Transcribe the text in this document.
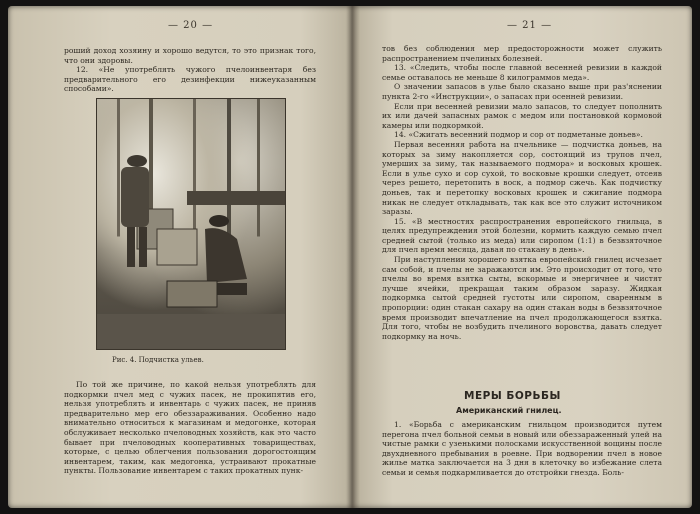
— 20 —

роший доход хозяину и хорошо ведутся, то это признак того, что они здоровы.

12. «Не употреблять чужого пчелоинвентаря без предварительного его дезинфекции нижеуказанным способами».

Рис. 4. Подчистка ульев.

По той же причине, по какой нельзя употреблять для подкормки пчел мед с чужих пасек, не прокипятив его, нельзя употреблять и инвентарь с чужих пасек, не приняв предварительно мер его обеззараживания. Особенно надо внимательно относиться к магазинам и медогонке, которая обслуживает несколько пчеловодных хозяйств, как это часто бывает при пчеловодных кооперативных товариществах, которые, с целью облегчения пользования дорогостоящим инвентарем, таким, как медогонка, устраивают прокатные пункты. Пользование инвентарем с таких прокатных пунк-

— 21 —

тов без соблюдения мер предосторожности может служить распространением пчелиных болезней.

13. «Следить, чтобы после главной весенней ревизии в каждой семье оставалось не меньше 8 килограммов меда».

О значении запасов в улье было сказано выше при раз'яснении пункта 2-го «Инструкции», о запасах при осенней ревизии.

Если при весенней ревизии мало запасов, то следует пополнить их или дачей запасных рамок с медом или постановкой кормовой камеры или подкормкой.

14. «Сжигать весенний подмор и сор от подметаные доньев».

Первая весенняя работа на пчельнике — подчистка доньев, на которых за зиму накопляется сор, состоящий из трупов пчел, умерших за зиму, так называемого подмора» и восковых крошек. Если в улье сухо и сор сухой, то восковые крошки следует, отсеяв через решето, перетопить в воск, а подмор сжечь. Как подчистку доньев, так и перетопку восковых крошек и сжигание подмора никак не следует откладывать, так как все это служит источником заразы.

15. «В местностях распространения европейского гнильца, в целях предупреждения этой болезни, кормить каждую семью пчел средней сытой (только из меда) или сиропом (1:1) в безвзяточное для пчел время месяца, давая по стакану в день».

При наступлении хорошего взятка европейский гнилец исчезает сам собой, и пчелы не заражаются им. Это происходит от того, что пчелы во время взятка сыты, вскормые и энергичнее и чистят лучше ячейки, прекращая таким образом заразу. Жидкая подкормка сытой средней густоты или сиропом, сваренным в пропорции: один стакан сахару на один стакан воды в безвзяточное время производит впечатление на пчел продолжающегося взятка. Для того, чтобы не возбудить пчелиного воровства, давать следует подкормку на ночь.

МЕРЫ БОРЬБЫ
Американский гнилец.

1. «Борьба с американским гнильцом производится путем перегона пчел больной семьи в новый или обеззараженный улей на чистые рамки с узенькими полосками искусственной вощины после двухдневного пребывания в роевне. При водворении пчел в новое жилье матка заключается на 3 дня в клеточку во избежание слета семьи и семья подкармливается до отстройки гнезда. Боль-
